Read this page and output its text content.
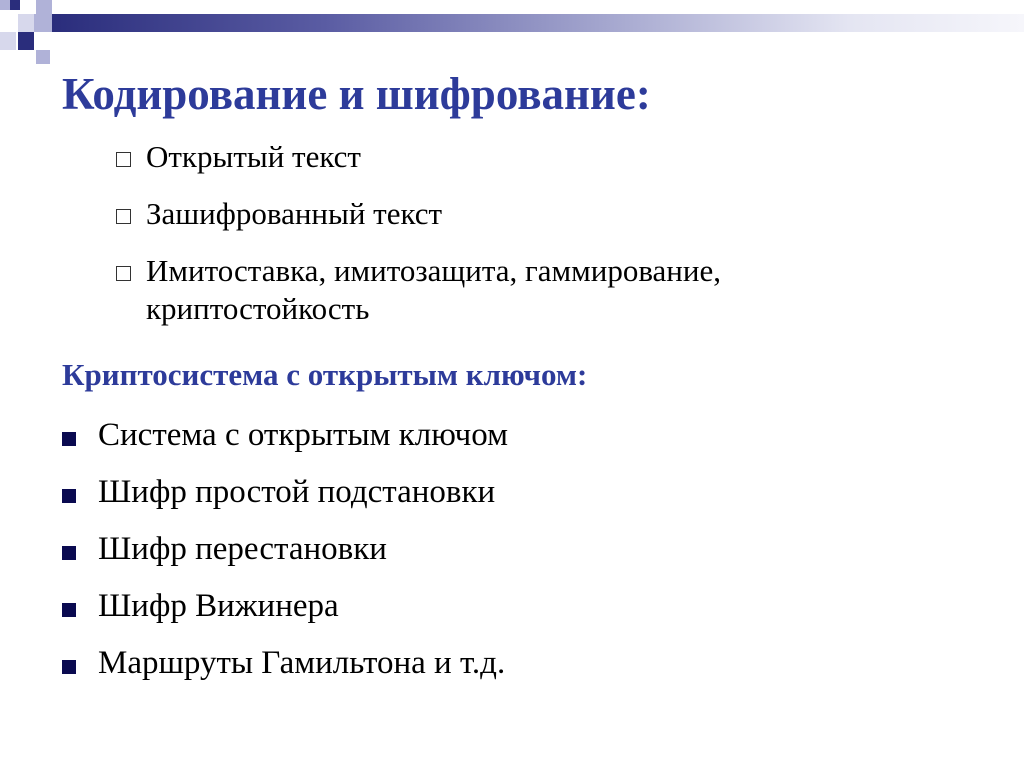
Кодирование и шифрование:
Открытый текст
Зашифрованный текст
Имитоставка, имитозащита, гаммирование, криптостойкость
Криптосистема с открытым ключом:
Система с открытым ключом
Шифр простой подстановки
Шифр перестановки
Шифр Вижинера
Маршруты Гамильтона и т.д.
